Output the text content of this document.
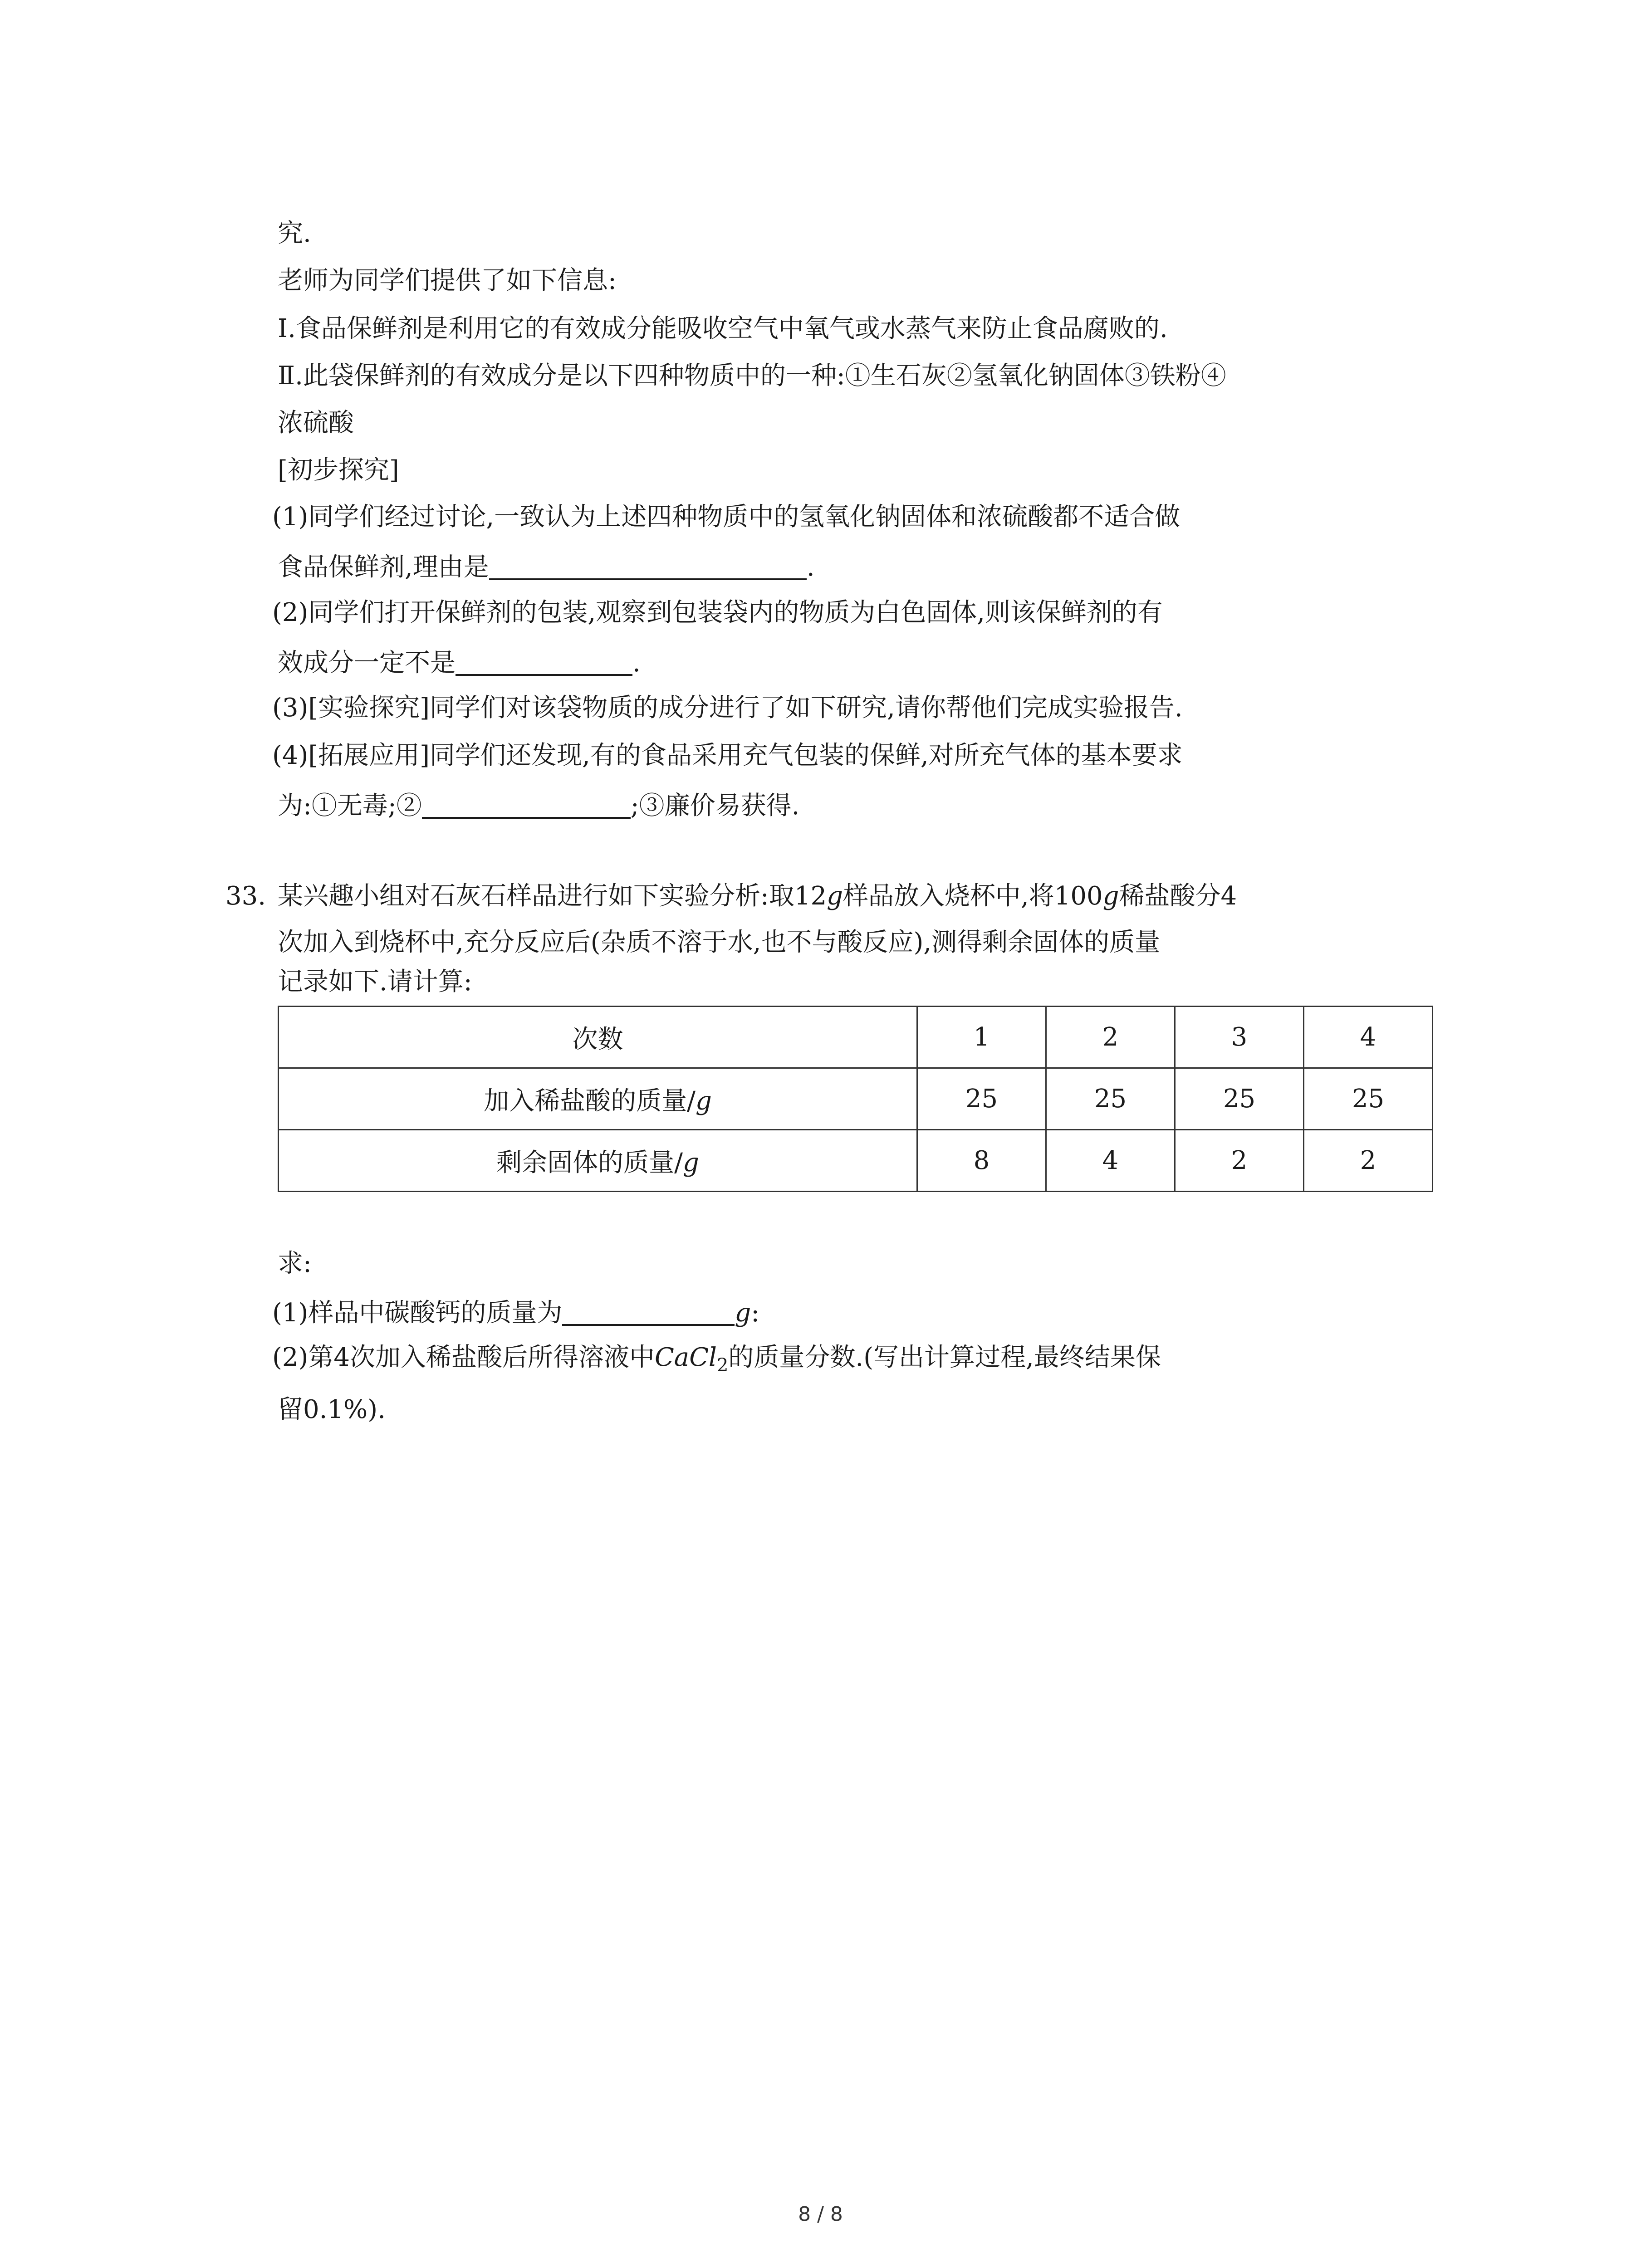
究.
老师为同学们提供了如下信息:
Ⅰ.食品保鲜剂是利用它的有效成分能吸收空气中氧气或水蒸气来防止食品腐败的.
Ⅱ.此袋保鲜剂的有效成分是以下四种物质中的一种:①生石灰②氢氧化钠固体③铁粉④
浓硫酸
[初步探究]
(1)同学们经过讨论,一致认为上述四种物质中的氢氧化钠固体和浓硫酸都不适合做
食品保鲜剂,理由是	.
(2)同学们打开保鲜剂的包装,观察到包装袋内的物质为白色固体,则该保鲜剂的有
效成分一定不是	.
(3)[实验探究]同学们对该袋物质的成分进行了如下研究,请你帮他们完成实验报告.
(4)[拓展应用]同学们还发现,有的食品采用充气包装的保鲜,对所充气体的基本要求
为:①无毒;②	;③廉价易获得.
33. 某兴趣小组对石灰石样品进行如下实验分析:取12g样品放入烧杯中,将100g稀盐酸分4
次加入到烧杯中,充分反应后(杂质不溶于水,也不与酸反应),测得剩余固体的质量
记录如下.请计算:
次数	1	2	3	4
加入稀盐酸的质量/g	25	25	25	25
剩余固体的质量/g	8	4	2	2
求:
(1)样品中碳酸钙的质量为	g:
(2)第4次加入稀盐酸后所得溶液中CaCl$_2$的质量分数.(写出计算过程,最终结果保
留0.1%).
8 / 8
